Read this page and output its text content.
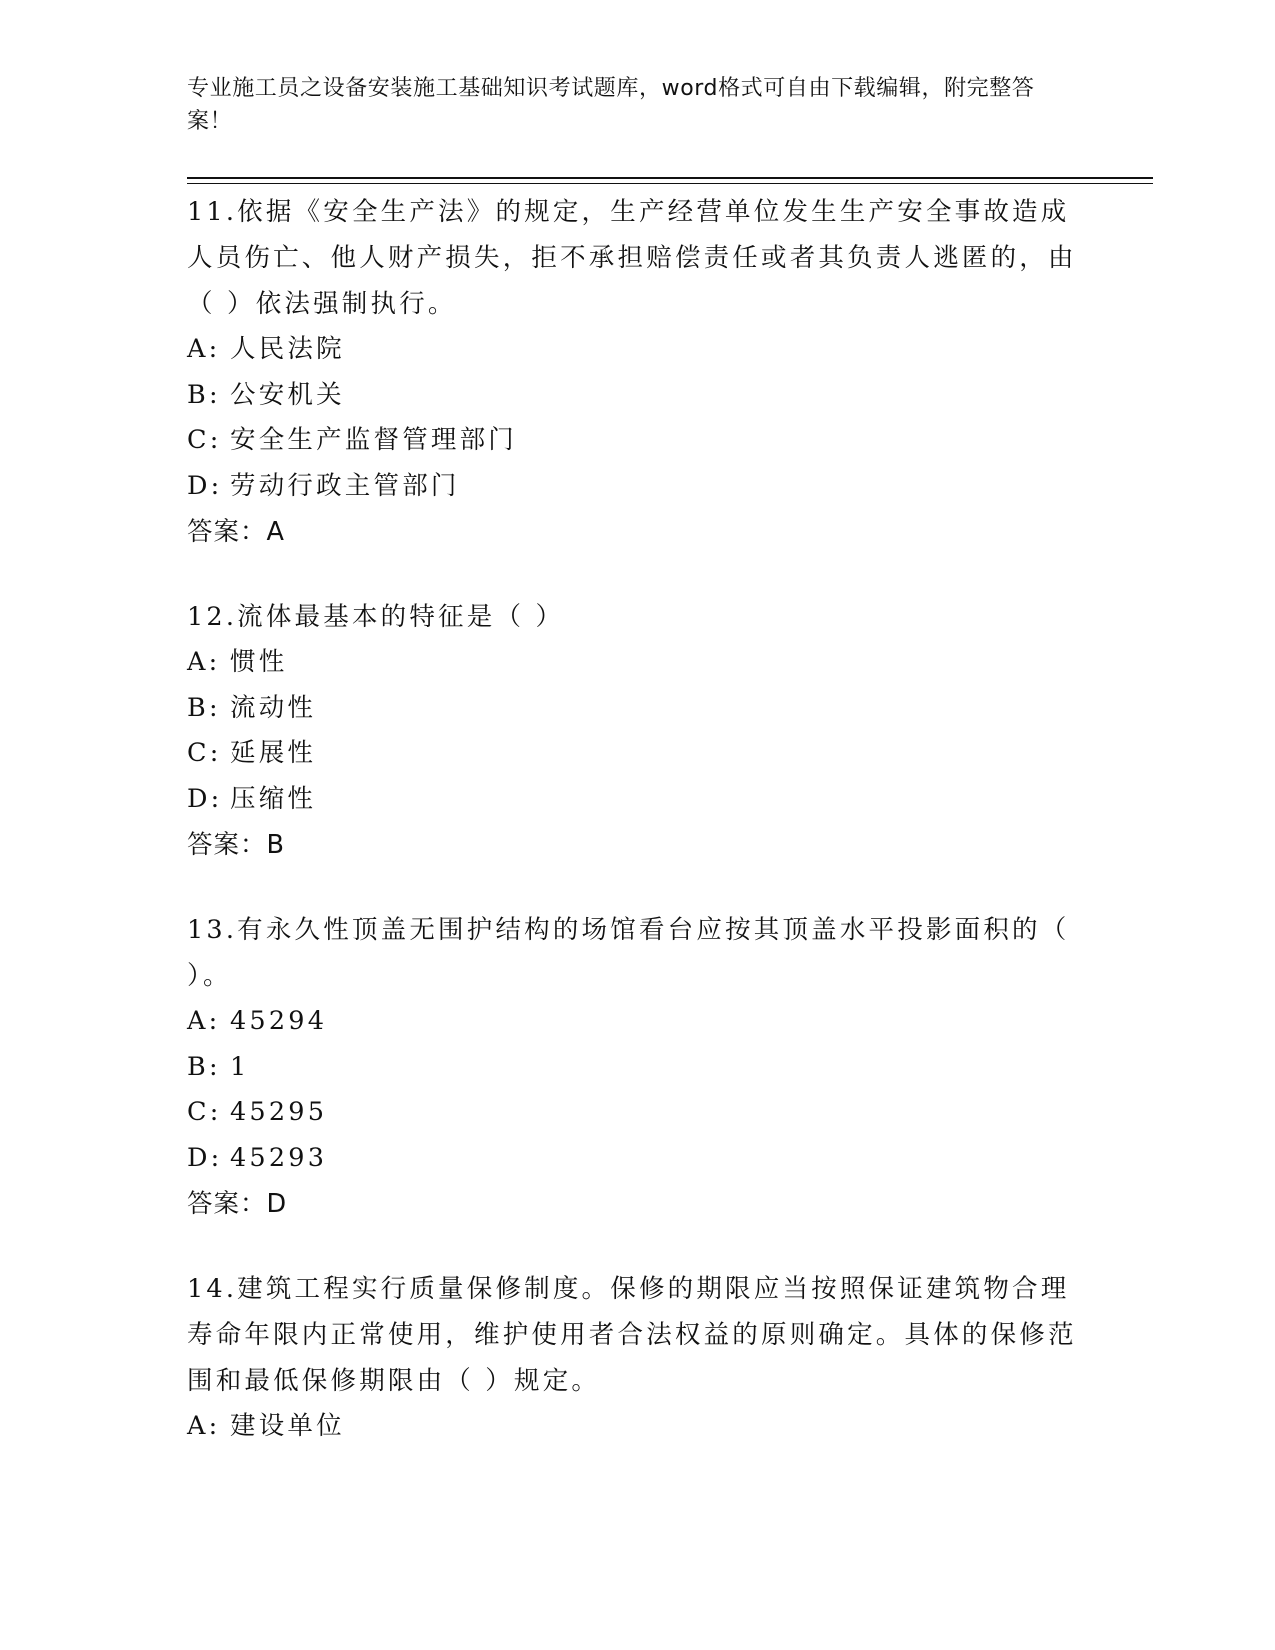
专业施工员之设备安装施工基础知识考试题库，word格式可自由下载编辑，附完整答案！

11.依据《安全生产法》的规定，生产经营单位发生生产安全事故造成人员伤亡、他人财产损失，拒不承担赔偿责任或者其负责人逃匿的，由（ ）依法强制执行。

A: 人民法院

B: 公安机关

C: 安全生产监督管理部门

D: 劳动行政主管部门

答案：A

12.流体最基本的特征是（ ）

A: 惯性

B: 流动性

C: 延展性

D: 压缩性

答案：B

13.有永久性顶盖无围护结构的场馆看台应按其顶盖水平投影面积的（ ）。

A: 45294

B: 1

C: 45295

D: 45293

答案：D

14.建筑工程实行质量保修制度。保修的期限应当按照保证建筑物合理寿命年限内正常使用，维护使用者合法权益的原则确定。具体的保修范围和最低保修期限由（ ）规定。

A: 建设单位
